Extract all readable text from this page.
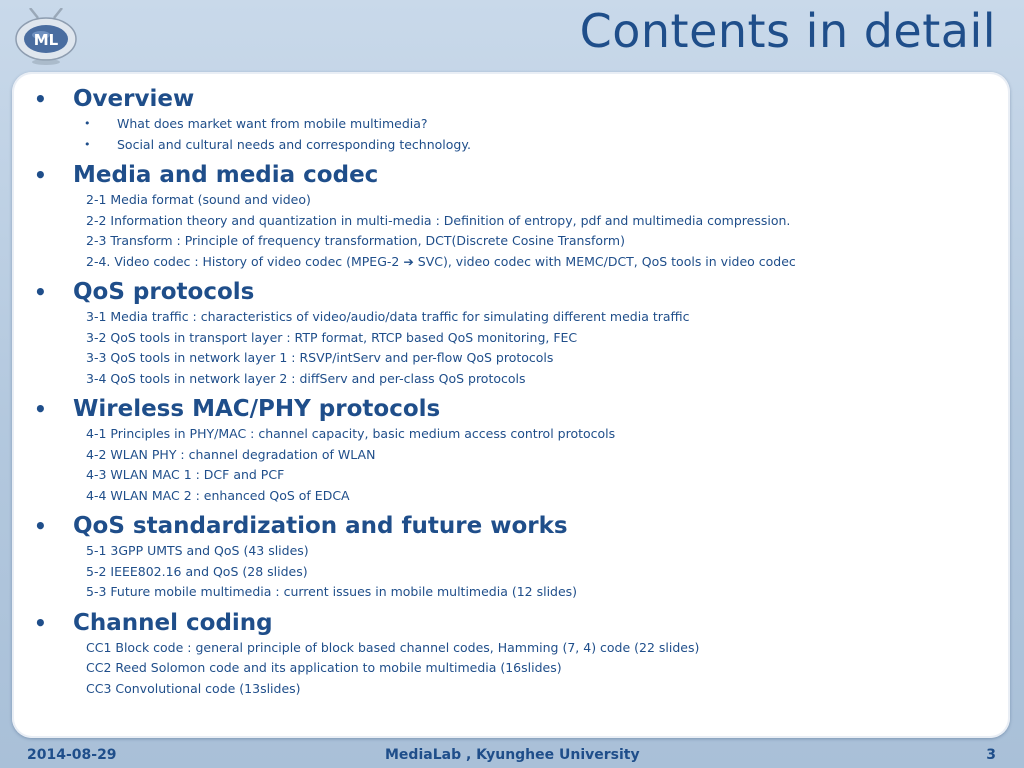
ML	Contents in detail
•	Overview
• What does market want from mobile multimedia?
• Social and cultural needs and corresponding technology.
•	Media and media codec
2-1 Media format (sound and video)
2-2 Information theory and quantization in multi-media : Definition of entropy, pdf and multimedia compression.
2-3 Transform : Principle of frequency transformation, DCT(Discrete Cosine Transform)
2-4. Video codec : History of video codec (MPEG-2 ➔ SVC), video codec with MEMC/DCT, QoS tools in video codec
•	QoS protocols
3-1 Media traffic : characteristics of video/audio/data traffic for simulating different media traffic
3-2 QoS tools in transport layer : RTP format, RTCP based QoS monitoring, FEC
3-3 QoS tools in network layer 1 : RSVP/intServ and per-flow QoS protocols
3-4 QoS tools in network layer 2 : diffServ and per-class QoS protocols
•	Wireless MAC/PHY protocols
4-1 Principles in PHY/MAC : channel capacity, basic medium access control protocols
4-2 WLAN PHY : channel degradation of WLAN
4-3 WLAN MAC 1 : DCF and PCF
4-4 WLAN MAC 2 : enhanced QoS of EDCA
•	QoS standardization and future works
5-1 3GPP UMTS and QoS (43 slides)
5-2 IEEE802.16 and QoS (28 slides)
5-3 Future mobile multimedia : current issues in mobile multimedia (12 slides)
•	Channel coding
CC1 Block code : general principle of block based channel codes, Hamming (7, 4) code (22 slides)
CC2 Reed Solomon code and its application to mobile multimedia (16slides)
CC3 Convolutional code (13slides)
2014-08-29	MediaLab , Kyunghee University	3
